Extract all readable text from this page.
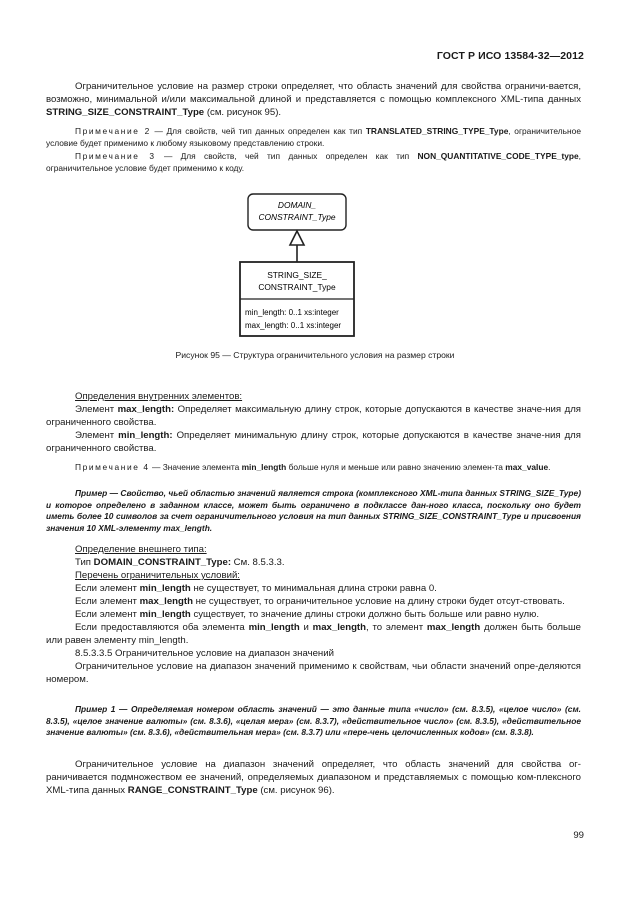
ГОСТ Р ИСО 13584-32—2012
Ограничительное условие на размер строки определяет, что область значений для свойства ограничи-вается, возможно, минимальной и/или максимальной длиной и представляется с помощью комплексного XML-типа данных STRING_SIZE_CONSTRAINT_Type (см. рисунок 95).
Примечание 2 — Для свойств, чей тип данных определен как тип TRANSLATED_STRING_TYPE_Type, ограничительное условие будет применимо к любому языковому представлению строки.
Примечание 3 — Для свойств, чей тип данных определен как тип NON_QUANTITATIVE_CODE_TYPE_type, ограничительное условие будет применимо к коду.
DOMAIN_
CONSTRAINT_Type
STRING_SIZE_
CONSTRAINT_Type
min_length: 0..1 xs:integer
max_length: 0..1 xs:integer
Рисунок 95 — Структура ограничительного условия на размер строки
Определения внутренних элементов:
Элемент max_length: Определяет максимальную длину строк, которые допускаются в качестве значе-ния для ограниченного свойства.
Элемент min_length: Определяет минимальную длину строк, которые допускаются в качестве значе-ния для ограниченного свойства.
Примечание 4 — Значение элемента min_length больше нуля и меньше или равно значению элемен-та max_value.
Пример — Свойство, чьей областью значений является строка (комплексного XML-типа данных STRING_SIZE_Type) и которое определено в заданном классе, может быть ограничено в подклассе дан-ного класса, поскольку оно будет иметь более 10 символов за счет ограничительного условия на тип данных STRING_SIZE_CONSTRAINT_Type и присвоения значения 10 XML-элементу max_length.
Определение внешнего типа:
Тип DOMAIN_CONSTRAINT_Type: См. 8.5.3.3.
Перечень ограничительных условий:
Если элемент min_length не существует, то минимальная длина строки равна 0.
Если элемент max_length не существует, то ограничительное условие на длину строки будет отсут-ствовать.
Если элемент min_length существует, то значение длины строки должно быть больше или равно нулю.
Если предоставляются оба элемента min_length и max_length, то элемент max_length должен быть больше или равен элементу min_length.
8.5.3.3.5 Ограничительное условие на диапазон значений
Ограничительное условие на диапазон значений применимо к свойствам, чьи области значений опре-деляются номером.
Пример 1 — Определяемая номером область значений — это данные типа «число» (см. 8.3.5), «целое число» (см. 8.3.5), «целое значение валюты» (см. 8.3.6), «целая мера» (см. 8.3.7), «действительное число» (см. 8.3.5), «действительное значение валюты» (см. 8.3.6), «действительная мера» (см. 8.3.7) или «пере-чень целочисленных кодов» (см. 8.3.8).
Ограничительное условие на диапазон значений определяет, что область значений для свойства ог-раничивается подмножеством ее значений, определяемых диапазоном и представляемых с помощью ком-плексного XML-типа данных RANGE_CONSTRAINT_Type (см. рисунок 96).
99
